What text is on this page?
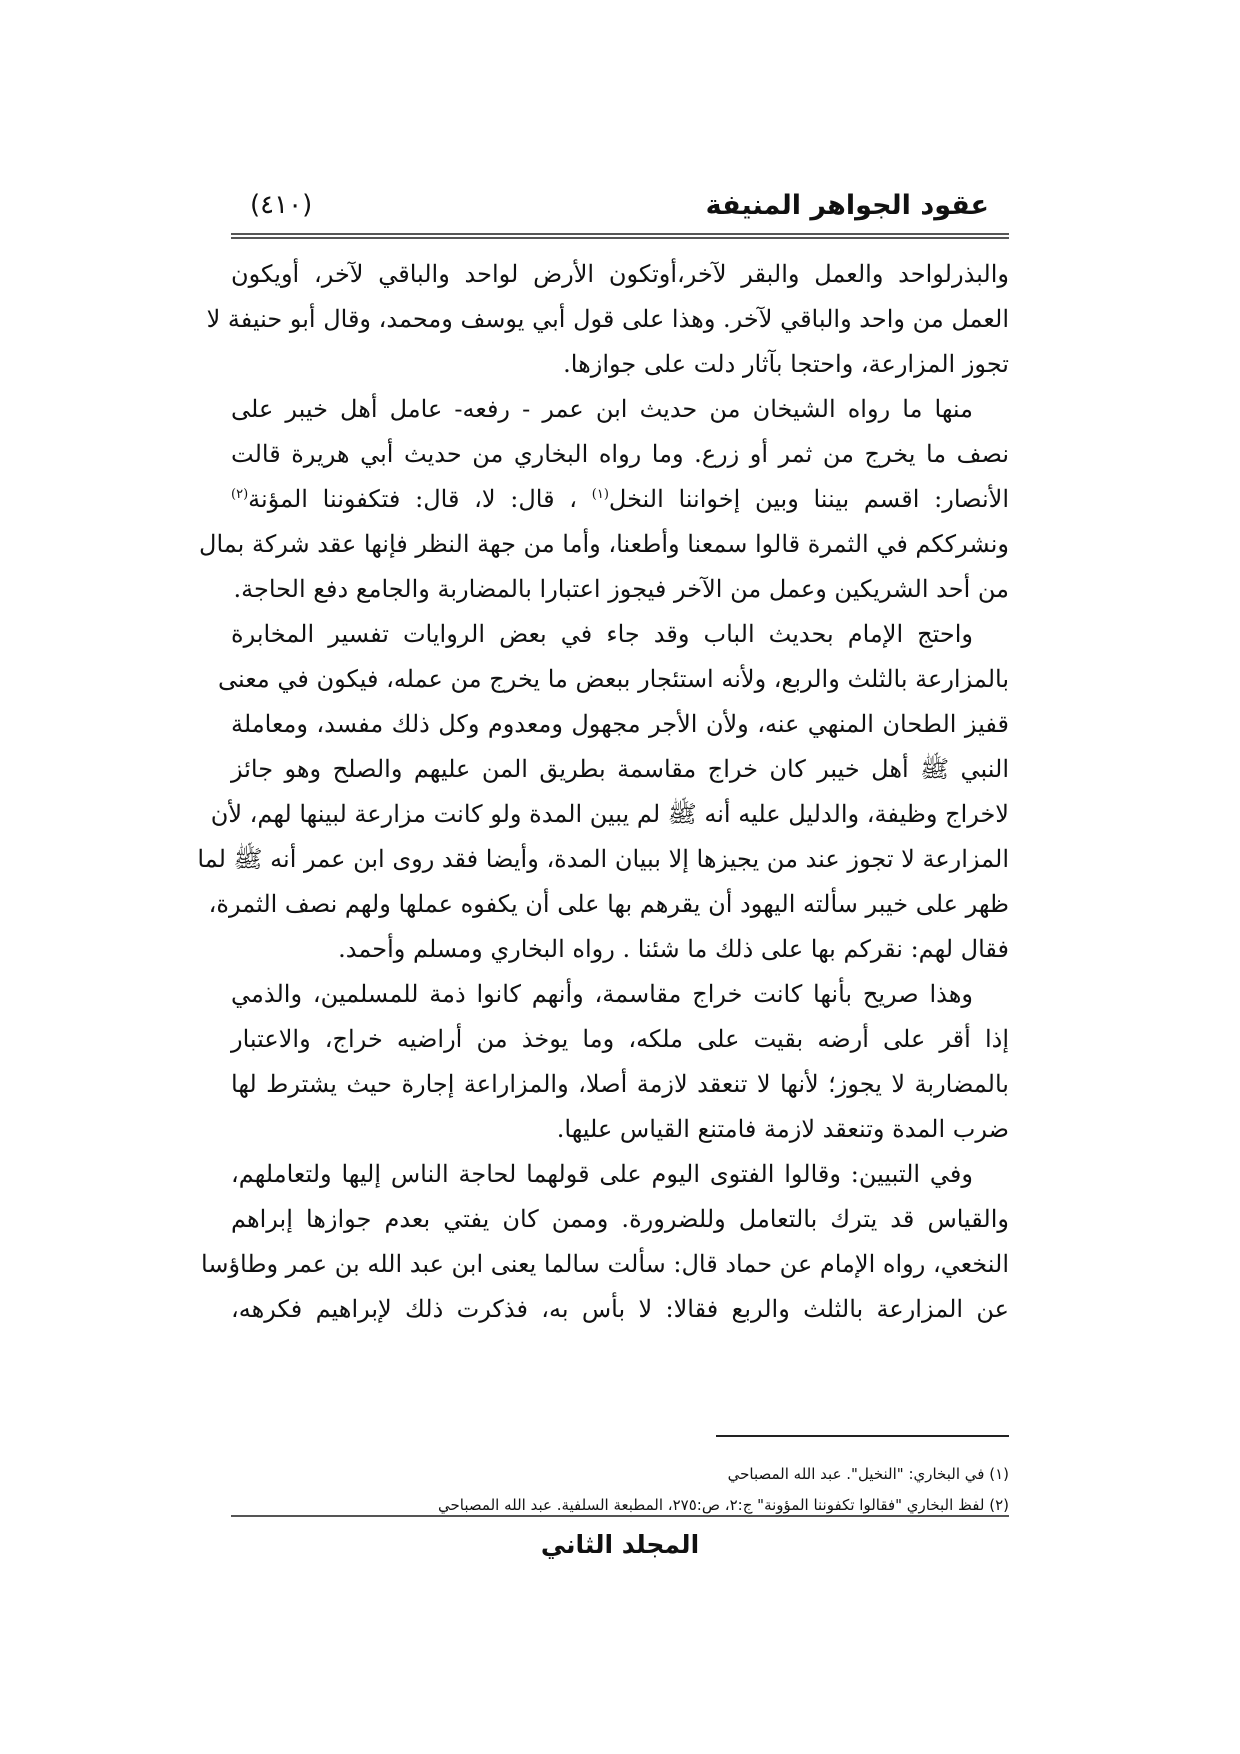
عقود الجواهر المنيفة
(٤١٠)
والبذرلواحد والعمل والبقر لآخر،أوتكون الأرض لواحد والباقي لآخر، أويكون
العمل من واحد والباقي لآخر. وهذا على قول أبي يوسف ومحمد، وقال أبو حنيفة لا
تجوز المزارعة، واحتجا بآثار دلت على جوازها.
منها ما رواه الشيخان من حديث ابن عمر - رفعه- عامل أهل خيبر على
نصف ما يخرج من ثمر أو زرع. وما رواه البخاري من حديث أبي هريرة قالت
الأنصار: اقسم بيننا وبين إخواننا النخل$^{(١)}$ ، قال: لا، قال: فتكفوننا المؤنة$^{(٢)}$
ونشرككم في الثمرة قالوا سمعنا وأطعنا، وأما من جهة النظر فإنها عقد شركة بمال
من أحد الشريكين وعمل من الآخر فيجوز اعتبارا بالمضاربة والجامع دفع الحاجة.
واحتج الإمام بحديث الباب وقد جاء في بعض الروايات تفسير المخابرة
بالمزارعة بالثلث والربع، ولأنه استئجار ببعض ما يخرج من عمله، فيكون في معنى
قفيز الطحان المنهي عنه، ولأن الأجر مجهول ومعدوم وكل ذلك مفسد، ومعاملة
النبي ﷺ أهل خيبر كان خراج مقاسمة بطريق المن عليهم والصلح وهو جائز
لاخراج وظيفة، والدليل عليه أنه ﷺ لم يبين المدة ولو كانت مزارعة لبينها لهم، لأن
المزارعة لا تجوز عند من يجيزها إلا ببيان المدة، وأيضا فقد روى ابن عمر أنه ﷺ لما
ظهر على خيبر سألته اليهود أن يقرهم بها على أن يكفوه عملها ولهم نصف الثمرة،
فقال لهم: نقركم بها على ذلك ما شئنا . رواه البخاري ومسلم وأحمد.
وهذا صريح بأنها كانت خراج مقاسمة، وأنهم كانوا ذمة للمسلمين، والذمي
إذا أقر على أرضه بقيت على ملكه، وما يوخذ من أراضيه خراج، والاعتبار
بالمضاربة لا يجوز؛ لأنها لا تنعقد لازمة أصلا، والمزاراعة إجارة حيث يشترط لها
ضرب المدة وتنعقد لازمة فامتنع القياس عليها.
وفي التبيين: وقالوا الفتوى اليوم على قولهما لحاجة الناس إليها ولتعاملهم،
والقياس قد يترك بالتعامل وللضرورة. وممن كان يفتي بعدم جوازها إبراهم
النخعي، رواه الإمام عن حماد قال: سألت سالما يعنى ابن عبد الله بن عمر وطاؤسا
عن المزارعة بالثلث والربع فقالا: لا بأس به، فذكرت ذلك لإبراهيم فكرهه،
(١) في البخاري: "النخيل". عبد الله المصباحي
(٢) لفظ البخاري "فقالوا تكفوننا المؤونة" ج:٢، ص:٢٧٥، المطبعة السلفية. عبد الله المصباحي
المجلد الثاني
